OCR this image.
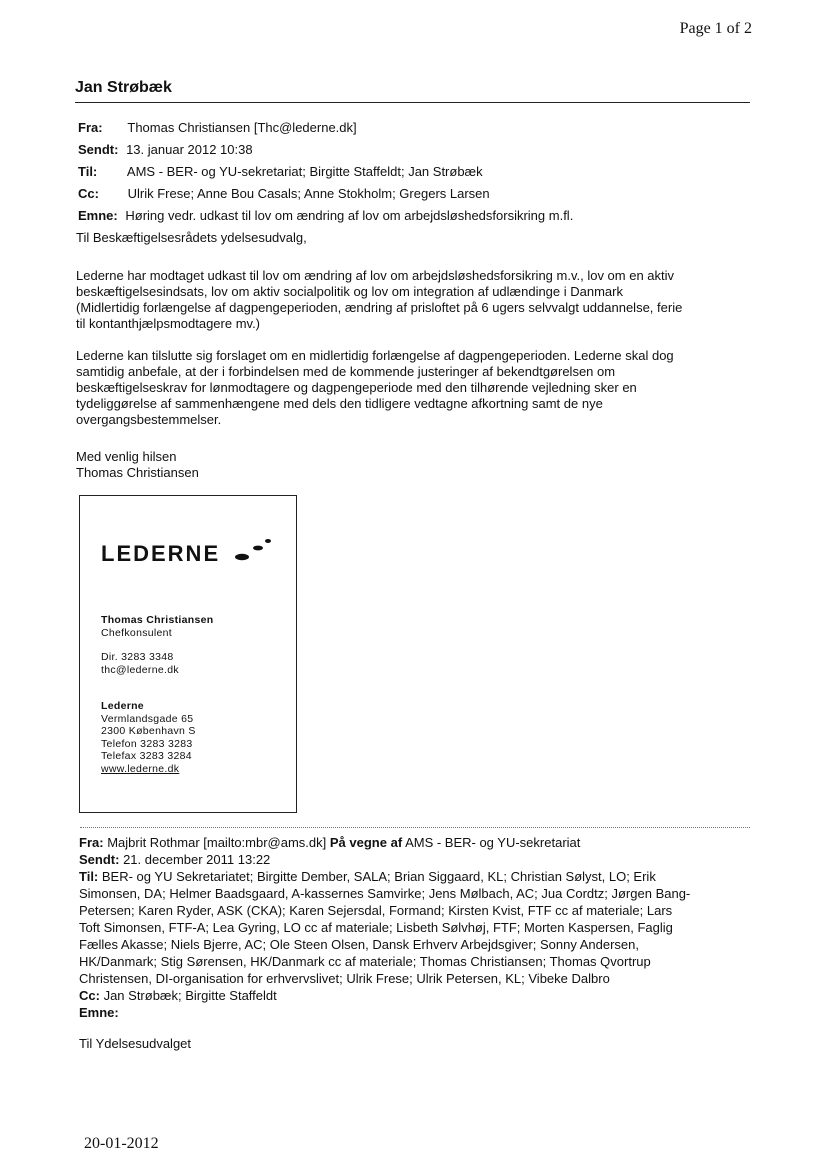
Page 1 of 2
Jan Strøbæk
Fra: Thomas Christiansen [Thc@lederne.dk]
Sendt: 13. januar 2012 10:38
Til: AMS - BER- og YU-sekretariat; Birgitte Staffeldt; Jan Strøbæk
Cc: Ulrik Frese; Anne Bou Casals; Anne Stokholm; Gregers Larsen
Emne: Høring vedr. udkast til lov om ændring af lov om arbejdsløshedsforsikring m.fl.

Til Beskæftigelsesrådets ydelsesudvalg,

Lederne har modtaget udkast til lov om ændring af lov om arbejdsløshedsforsikring m.v., lov om en aktiv
beskæftigelsesindsats, lov om aktiv socialpolitik og lov om integration af udlændinge i Danmark
(Midlertidig forlængelse af dagpengeperioden, ændring af prisloftet på 6 ugers selvvalgt uddannelse, ferie
til kontanthjælpsmodtagere mv.)

Lederne kan tilslutte sig forslaget om en midlertidig forlængelse af dagpengeperioden. Lederne skal dog
samtidig anbefale, at der i forbindelsen med de kommende justeringer af bekendtgørelsen om
beskæftigelseskrav for lønmodtagere og dagpengeperiode med den tilhørende vejledning sker en
tydeliggørelse af sammenhængene med dels den tidligere vedtagne afkortning samt de nye
overgangsbestemmelser.

Med venlig hilsen
Thomas Christiansen
LEDERNE
Thomas Christiansen
Chefkonsulent
Dir. 3283 3348
thc@lederne.dk
Lederne
Vermlandsgade 65
2300 København S
Telefon 3283 3283
Telefax 3283 3284
www.lederne.dk
Fra: Majbrit Rothmar [mailto:mbr@ams.dk] På vegne af AMS - BER- og YU-sekretariat
Sendt: 21. december 2011 13:22
Til: BER- og YU Sekretariatet; Birgitte Dember, SALA; Brian Siggaard, KL; Christian Sølyst, LO; Erik
Simonsen, DA; Helmer Baadsgaard, A-kassernes Samvirke; Jens Mølbach, AC; Jua Cordtz; Jørgen Bang-
Petersen; Karen Ryder, ASK (CKA); Karen Sejersdal, Formand; Kirsten Kvist, FTF cc af materiale; Lars
Toft Simonsen, FTF-A; Lea Gyring, LO cc af materiale; Lisbeth Sølvhøj, FTF; Morten Kaspersen, Faglig
Fælles Akasse; Niels Bjerre, AC; Ole Steen Olsen, Dansk Erhverv Arbejdsgiver; Sonny Andersen,
HK/Danmark; Stig Sørensen, HK/Danmark cc af materiale; Thomas Christiansen; Thomas Qvortrup
Christensen, DI-organisation for erhvervslivet; Ulrik Frese; Ulrik Petersen, KL; Vibeke Dalbro
Cc: Jan Strøbæk; Birgitte Staffeldt
Emne:
Til Ydelsesudvalget
20-01-2012
